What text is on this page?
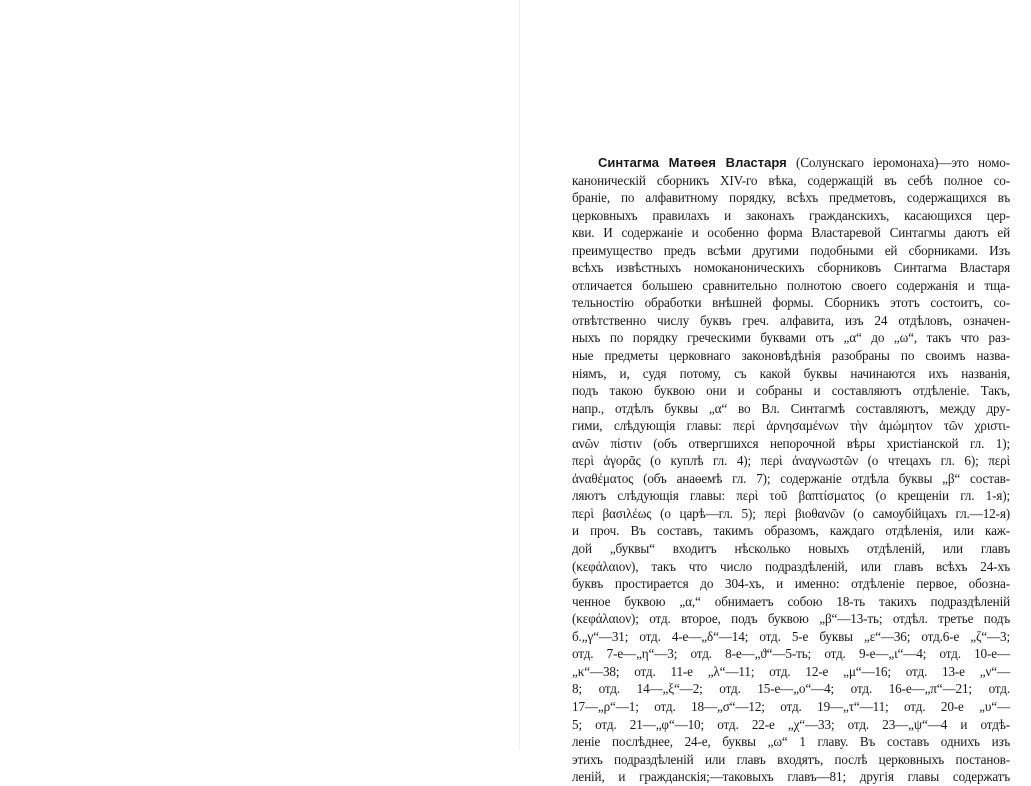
Синтагма Матѳея Властаря (Солунскаго іеромонаха)—это номо-
каноническій сборникъ XIV-го вѣка, содержащій въ себѣ полное со-
браніе, по алфавитному порядку, всѣхъ предметовъ, содержащихся въ
церковныхъ правилахъ и законахъ гражданскихъ, касающихся цер-
кви. И содержаніе и особенно форма Властаревой Синтагмы даютъ ей
преимущество предъ всѣми другими подобными ей сборниками. Изъ
всѣхъ извѣстныхъ номоканоническихъ сборниковъ Синтагма Властаря
отличается большею сравнительно полнотою своего содержанія и тща-
тельностію обработки внѣшней формы. Сборникъ этотъ состоитъ, со-
отвѣтственно числу буквъ греч. алфавита, изъ 24 отдѣловъ, означен-
ныхъ по порядку греческими буквами отъ „α“ до „ω“, такъ что раз-
ные предметы церковнаго законовѣдѣнія разобраны по своимъ назва-
ніямъ, и, судя потому, съ какой буквы начинаются ихъ названія,
подъ такою буквою они и собраны и составляютъ отдѣленіе. Такъ,
напр., отдѣлъ буквы „α“ во Вл. Синтагмѣ составляютъ, между дру-
гими, слѣдующія главы: περὶ ἀρνησαμένων τὴν ἀμώμητον τῶν χριστι-
ανῶν πίστιν (объ отвергшихся непорочной вѣры христіанской гл. 1);
περὶ ἀγορᾶς (о куплѣ гл. 4); περὶ ἀναγνωστῶν (о чтецахъ гл. 6); περὶ
ἀναθέματος (объ анаѳемѣ гл. 7); содержаніе отдѣла буквы „β“ состав-
ляютъ слѣдующія главы: περὶ τοῦ βαπτίσματος (о крещеніи гл. 1-я);
περὶ βασιλέως (о царѣ—гл. 5); περὶ βιοθανῶν (о самоубійцахъ гл.—12-я)
и проч. Въ составъ, такимъ образомъ, каждаго отдѣленія, или каж-
дой „буквы“ входитъ нѣсколько новыхъ отдѣленій, или главъ
(κεφάλαιον), такъ что число подраздѣленій, или главъ всѣхъ 24-хъ
буквъ простирается до 304-хъ, и именно: отдѣленіе первое, обозна-
ченное буквою „α,“ обнимаетъ собою 18-ть такихъ подраздѣленій
(κεφάλαιον); отд. второе, подъ буквою „β“—13-ть; отдѣл. третье подъ
б.„γ“—31; отд. 4-е—„δ“—14; отд. 5-е буквы „ε“—36; отд.6-е „ζ“—3;
отд. 7-е—„η“—3; отд. 8-е—„ϑ“—5-ть; отд. 9-е—„ι“—4; отд. 10-е—
„κ“—38; отд. 11-е „λ“—11; отд. 12-е „μ“—16; отд. 13-е „ν“—
8; отд. 14—„ξ“—2; отд. 15-е—„ο“—4; отд. 16-е—„π“—21; отд.
17—„ρ“—1; отд. 18—„σ“—12; отд. 19—„τ“—11; отд. 20-е „υ“—
5; отд. 21—„φ“—10; отд. 22-е „χ“—33; отд. 23—„ψ“—4 и отдѣ-
леніе послѣднее, 24-е, буквы „ω“ 1 главу. Въ составъ однихъ изъ
этихъ подраздѣленій или главъ входятъ, послѣ церковныхъ постанов-
леній, и гражданскія;—таковыхъ главъ—81; другія главы содержатъ
